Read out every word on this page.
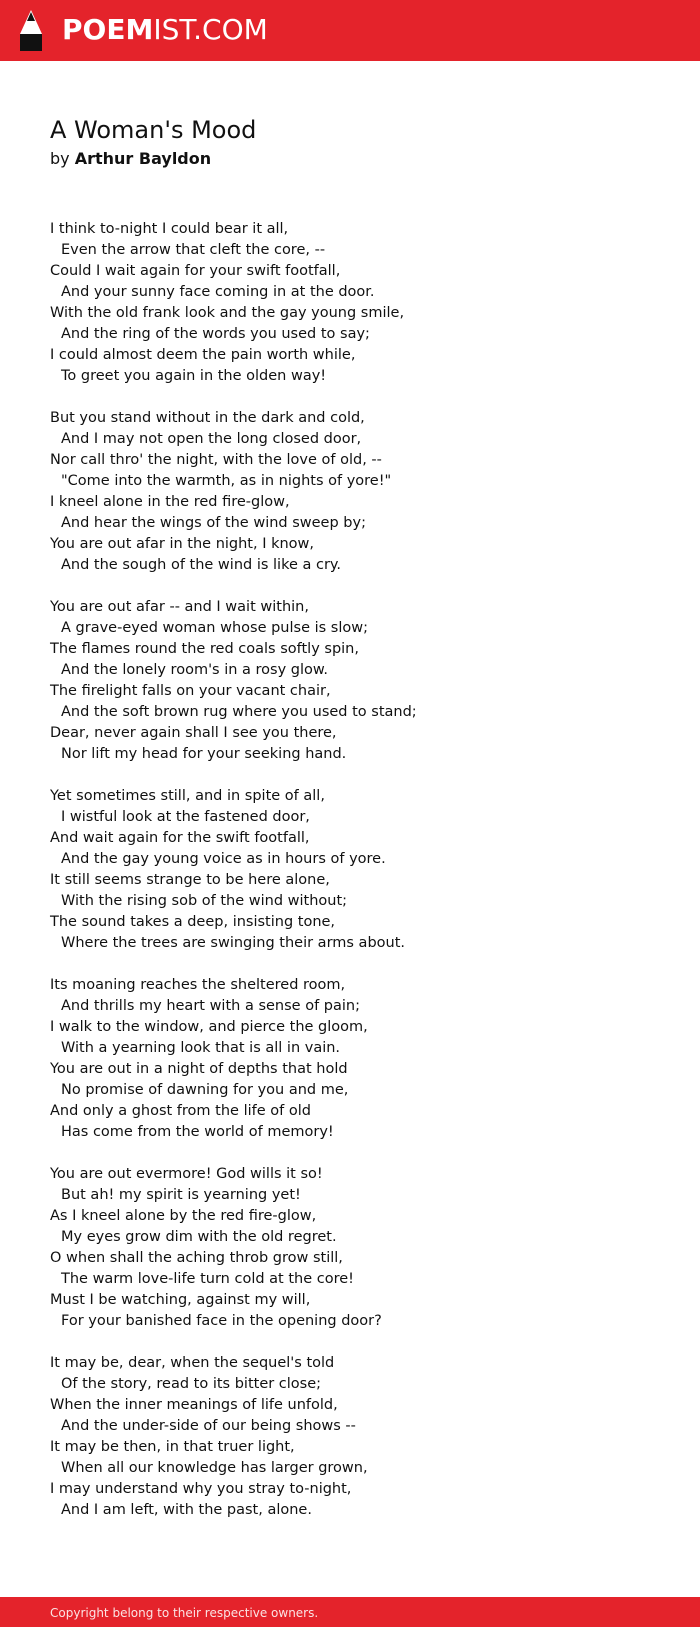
POEMIST.COM
A Woman's Mood
by Arthur Bayldon
I think to-night I could bear it all,
Even the arrow that cleft the core, --
Could I wait again for your swift footfall,
And your sunny face coming in at the door.
With the old frank look and the gay young smile,
And the ring of the words you used to say;
I could almost deem the pain worth while,
To greet you again in the olden way!
But you stand without in the dark and cold,
And I may not open the long closed door,
Nor call thro' the night, with the love of old, --
"Come into the warmth, as in nights of yore!"
I kneel alone in the red fire-glow,
And hear the wings of the wind sweep by;
You are out afar in the night, I know,
And the sough of the wind is like a cry.
You are out afar -- and I wait within,
A grave-eyed woman whose pulse is slow;
The flames round the red coals softly spin,
And the lonely room's in a rosy glow.
The firelight falls on your vacant chair,
And the soft brown rug where you used to stand;
Dear, never again shall I see you there,
Nor lift my head for your seeking hand.
Yet sometimes still, and in spite of all,
I wistful look at the fastened door,
And wait again for the swift footfall,
And the gay young voice as in hours of yore.
It still seems strange to be here alone,
With the rising sob of the wind without;
The sound takes a deep, insisting tone,
Where the trees are swinging their arms about.
Its moaning reaches the sheltered room,
And thrills my heart with a sense of pain;
I walk to the window, and pierce the gloom,
With a yearning look that is all in vain.
You are out in a night of depths that hold
No promise of dawning for you and me,
And only a ghost from the life of old
Has come from the world of memory!
You are out evermore! God wills it so!
But ah! my spirit is yearning yet!
As I kneel alone by the red fire-glow,
My eyes grow dim with the old regret.
O when shall the aching throb grow still,
The warm love-life turn cold at the core!
Must I be watching, against my will,
For your banished face in the opening door?
It may be, dear, when the sequel's told
Of the story, read to its bitter close;
When the inner meanings of life unfold,
And the under-side of our being shows --
It may be then, in that truer light,
When all our knowledge has larger grown,
I may understand why you stray to-night,
And I am left, with the past, alone.
Copyright belong to their respective owners.
